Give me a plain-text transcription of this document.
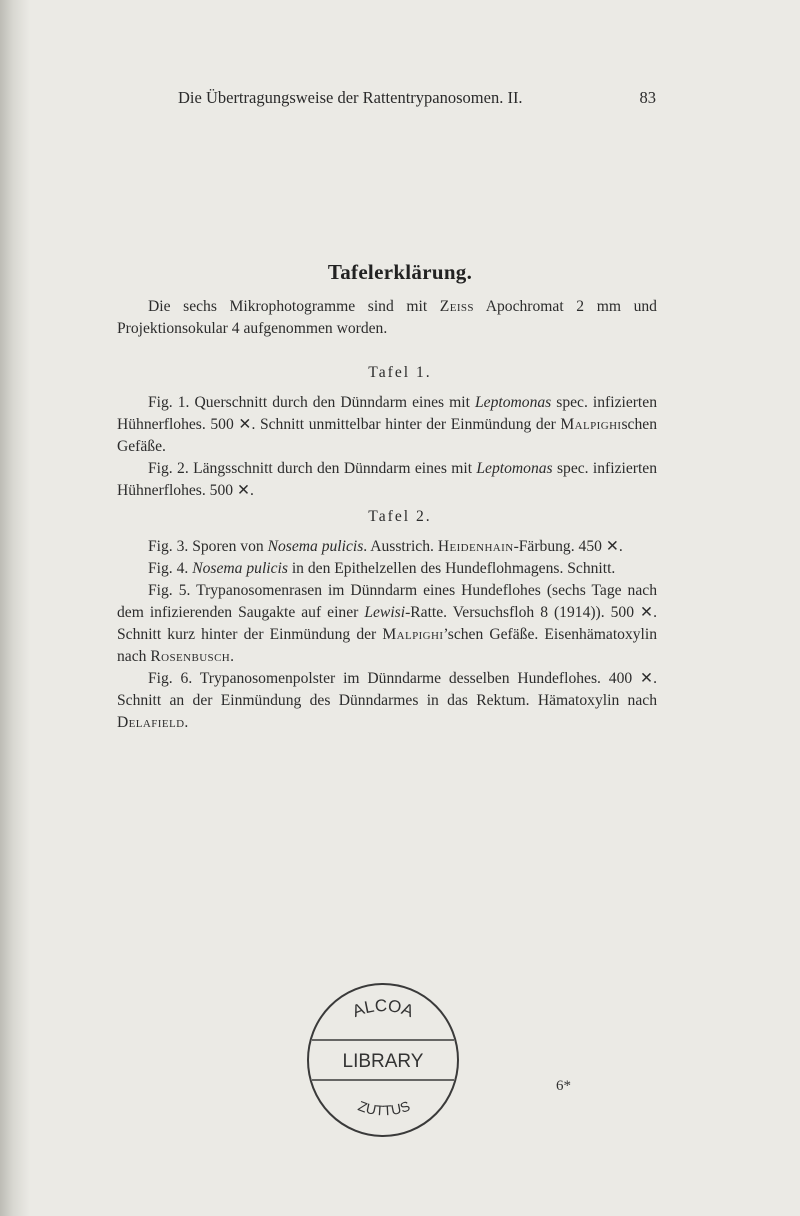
Die Übertragungsweise der Rattentrypanosomen. II.	83
Tafelerklärung.

Die sechs Mikrophotogramme sind mit Zeiss Apochromat 2 mm und Projektionsokular 4 aufgenommen worden.

Tafel 1.

Fig. 1. Querschnitt durch den Dünndarm eines mit Leptomonas spec. infizierten Hühnerflohes. 500 ✕. Schnitt unmittelbar hinter der Einmündung der Malpighischen Gefäße.

Fig. 2. Längsschnitt durch den Dünndarm eines mit Leptomonas spec. infizierten Hühnerflohes. 500 ✕.

Tafel 2.

Fig. 3. Sporen von Nosema pulicis. Ausstrich. Heidenhain-Färbung. 450 ✕.

Fig. 4. Nosema pulicis in den Epithelzellen des Hundeflohmagens. Schnitt.

Fig. 5. Trypanosomenrasen im Dünndarm eines Hundeflohes (sechs Tage nach dem infizierenden Saugakte auf einer Lewisi-Ratte. Versuchsfloh 8 (1914)). 500 ✕. Schnitt kurz hinter der Einmündung der Malpighi’schen Gefäße. Eisenhämatoxylin nach Rosenbusch.

Fig. 6. Trypanosomenpolster im Dünndarme desselben Hundeflohes. 400 ✕. Schnitt an der Einmündung des Dünndarmes in das Rektum. Hämatoxylin nach Delafield.

ALCOA
LIBRARY
ZUTTUS
6*
